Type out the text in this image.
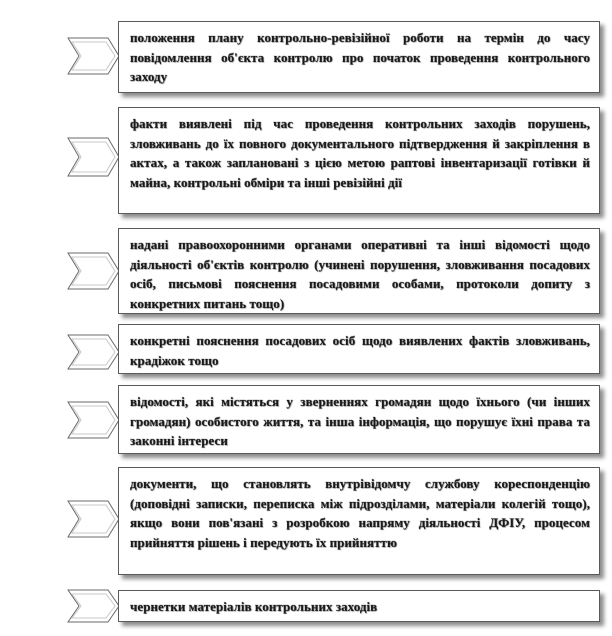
положення плану контрольно-ревізійної роботи на термін до часу повідомлення об'єкта контролю про початок проведення контрольного заходу

факти виявлені під час проведення контрольних заходів порушень, зловживань до їх повного документального підтвердження й закріплення в актах, а також заплановані з цією метою раптові інвентаризації готівки й майна, контрольні обміри та інші ревізійні дії

надані правоохоронними органами оперативні та інші відомості щодо діяльності об'єктів контролю (учинені порушення, зловживання посадових осіб, письмові пояснення посадовими особами, протоколи допиту з конкретних питань тощо)

конкретні пояснення посадових осіб щодо виявлених фактів зловживань, крадіжок тощо

відомості, які містяться у зверненнях громадян щодо їхнього (чи інших громадян) особистого життя, та інша інформація, що порушує їхні права та законні інтереси

документи, що становлять внутрівідомчу службову кореспонденцію (доповідні записки, переписка між підрозділами, матеріали колегій тощо), якщо вони пов'язані з розробкою напряму діяльності ДФІУ, процесом прийняття рішень і передують їх прийняттю

чернетки матеріалів контрольних заходів
